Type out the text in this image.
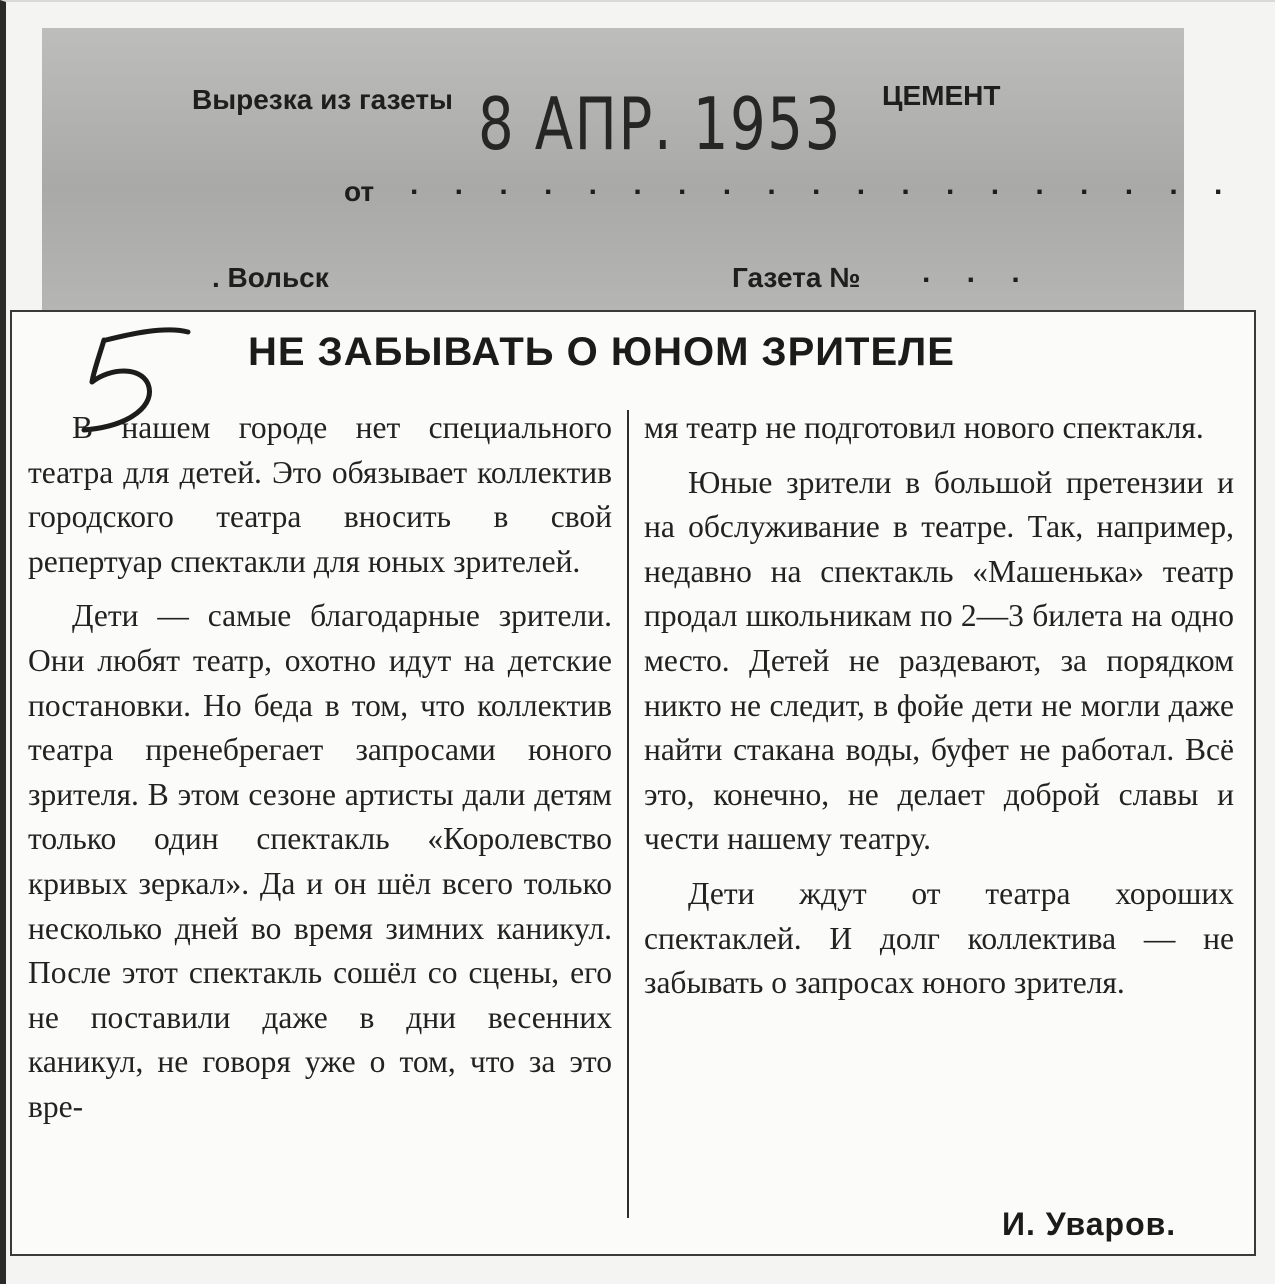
Вырезка из газеты	ЦЕМЕНТ
от . . . . . . . . . . . . . . . . . . .
. Вольск	Газета № . . .
8 АПР. 1953
НЕ ЗАБЫВАТЬ О ЮНОМ ЗРИТЕЛЕ

В нашем городе нет специального театра для детей. Это обязывает коллектив городского театра вносить в свой репертуар спектакли для юных зрителей.

Дети — самые благодарные зрители. Они любят театр, охотно идут на детские постановки. Но беда в том, что коллектив театра пренебрегает запросами юного зрителя. В этом сезоне артисты дали детям только один спектакль «Королевство кривых зеркал». Да и он шёл всего только несколько дней во время зимних каникул. После этот спектакль сошёл со сцены, его не поставили даже в дни весенних каникул, не говоря уже о том, что за это вре-

мя театр не подготовил нового спектакля.

Юные зрители в большой претензии и на обслуживание в театре. Так, например, недавно на спектакль «Машенька» театр продал школьникам по 2—3 билета на одно место. Детей не раздевают, за порядком никто не следит, в фойе дети не могли даже найти стакана воды, буфет не работал. Всё это, конечно, не делает доброй славы и чести нашему театру.

Дети ждут от театра хороших спектаклей. И долг коллектива — не забывать о запросах юного зрителя.

И. Уваров.
